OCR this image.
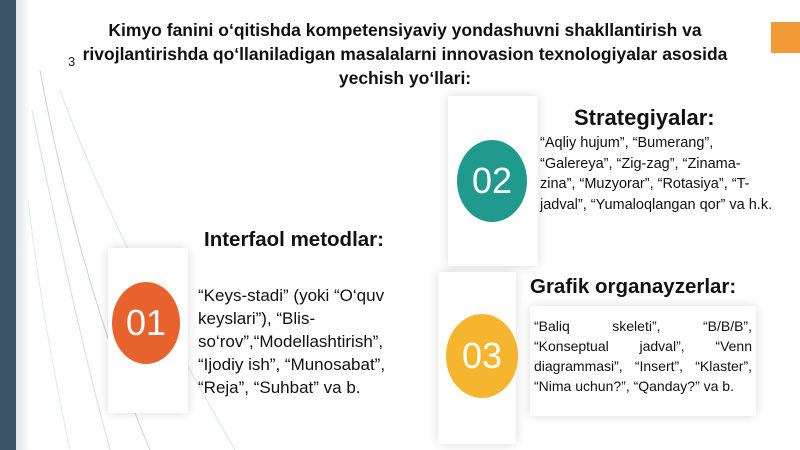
Kimyo fanini o‘qitishda kompetensiyaviy yondashuvni shakllantirish va rivojlantirishda qo‘llaniladigan masalalarni innovasion texnologiyalar asosida yechish yo‘llari:
3
02
Strategiyalar:
“Aqliy hujum”, “Bumerang”, “Galereya”, “Zig-zag”, “Zinama-zina”, “Muzyorar”, “Rotasiya”, “T-jadval”, “Yumaloqlangan qor” va h.k.
01
Interfaol metodlar:
“Keys-stadi” (yoki “O‘quv keyslari”), “Blis-so‘rov”,“Modellashtirish”, “Ijodiy ish”, “Munosabat”, “Reja”, “Suhbat” va b.
03
Grafik organayzerlar:
“Baliq skeleti”, “B/B/B”, “Konseptual jadval”, “Venn diagrammasi”, “Insert”, “Klaster”, “Nima uchun?”, “Qanday?” va b.
